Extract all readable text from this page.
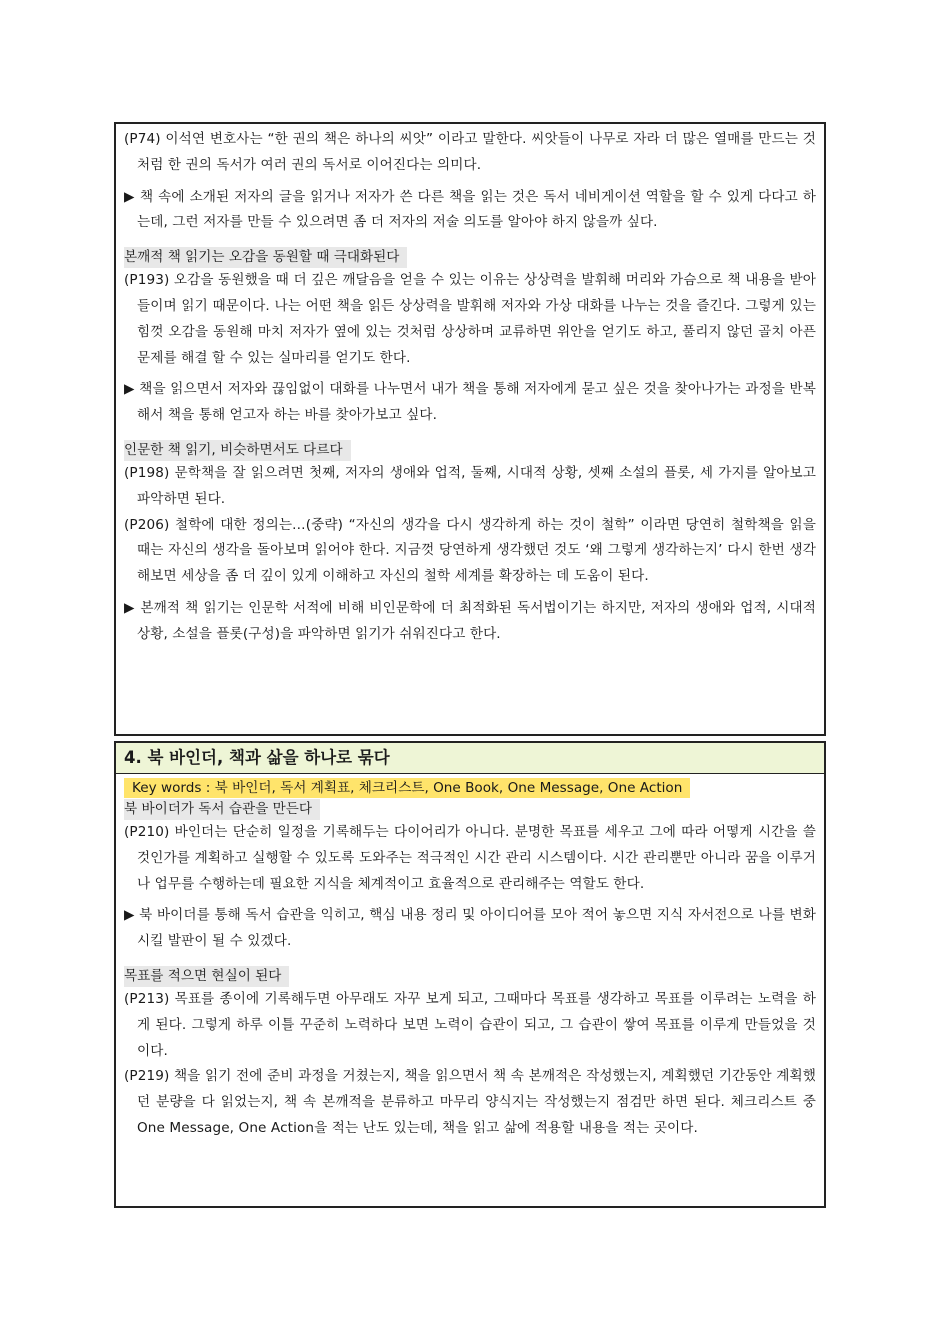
(P74) 이석연 변호사는 “한 권의 책은 하나의 씨앗” 이라고 말한다. 씨앗들이 나무로 자라 더 많은 열매를 만드는 것처럼 한 권의 독서가 여러 권의 독서로 이어진다는 의미다.

▶ 책 속에 소개된 저자의 글을 읽거나 저자가 쓴 다른 책을 읽는 것은 독서 네비게이션 역할을 할 수 있게 다다고 하는데, 그런 저자를 만들 수 있으려면 좀 더 저자의 저술 의도를 알아야 하지 않을까 싶다.

본깨적 책 읽기는 오감을 동원할 때 극대화된다

(P193) 오감을 동원했을 때 더 깊은 깨달음을 얻을 수 있는 이유는 상상력을 발휘해 머리와 가슴으로 책 내용을 받아들이며 읽기 때문이다. 나는 어떤 책을 읽든 상상력을 발휘해 저자와 가상 대화를 나누는 것을 즐긴다. 그렇게 있는 힘껏 오감을 동원해 마치 저자가 옆에 있는 것처럼 상상하며 교류하면 위안을 얻기도 하고, 풀리지 않던 골치 아픈 문제를 해결 할 수 있는 실마리를 얻기도 한다.

▶ 책을 읽으면서 저자와 끊임없이 대화를 나누면서 내가 책을 통해 저자에게 묻고 싶은 것을 찾아나가는 과정을 반복해서 책을 통해 얻고자 하는 바를 찾아가보고 싶다.

인문한 책 읽기, 비슷하면서도 다르다

(P198) 문학책을 잘 읽으려면 첫째, 저자의 생애와 업적, 둘째, 시대적 상황, 셋째 소설의 플롯, 세 가지를 알아보고 파악하면 된다.

(P206) 철학에 대한 정의는…(중략) “자신의 생각을 다시 생각하게 하는 것이 철학” 이라면 당연히 철학책을 읽을 때는 자신의 생각을 돌아보며 읽어야 한다. 지금껏 당연하게 생각했던 것도 ‘왜 그렇게 생각하는지’ 다시 한번 생각해보면 세상을 좀 더 깊이 있게 이해하고 자신의 철학 세계를 확장하는 데 도움이 된다.

▶ 본깨적 책 읽기는 인문학 서적에 비해 비인문학에 더 최적화된 독서법이기는 하지만, 저자의 생애와 업적, 시대적 상황, 소설을 플롯(구성)을 파악하면 읽기가 쉬워진다고 한다.

4. 북 바인더, 책과 삶을 하나로 묶다
Key words : 북 바인더, 독서 계획표, 체크리스트, One Book, One Message, One Action
북 바이더가 독서 습관을 만든다

(P210) 바인더는 단순히 일정을 기록해두는 다이어리가 아니다. 분명한 목표를 세우고 그에 따라 어떻게 시간을 쓸 것인가를 계획하고 실행할 수 있도록 도와주는 적극적인 시간 관리 시스템이다. 시간 관리뿐만 아니라 꿈을 이루거나 업무를 수행하는데 필요한 지식을 체계적이고 효율적으로 관리해주는 역할도 한다.

▶ 북 바이더를 통해 독서 습관을 익히고, 핵심 내용 정리 및 아이디어를 모아 적어 놓으면 지식 자서전으로 나를 변화시킬 발판이 될 수 있겠다.

목표를 적으면 현실이 된다

(P213) 목표를 종이에 기록해두면 아무래도 자꾸 보게 되고, 그때마다 목표를 생각하고 목표를 이루려는 노력을 하게 된다. 그렇게 하루 이틀 꾸준히 노력하다 보면 노력이 습관이 되고, 그 습관이 쌓여 목표를 이루게 만들었을 것이다.

(P219) 책을 읽기 전에 준비 과정을 거쳤는지, 책을 읽으면서 책 속 본깨적은 작성했는지, 계획했던 기간동안 계획했던 분량을 다 읽었는지, 책 속 본깨적을 분류하고 마무리 양식지는 작성했는지 점검만 하면 된다. 체크리스트 중 One Message, One Action을 적는 난도 있는데, 책을 읽고 삶에 적용할 내용을 적는 곳이다.
